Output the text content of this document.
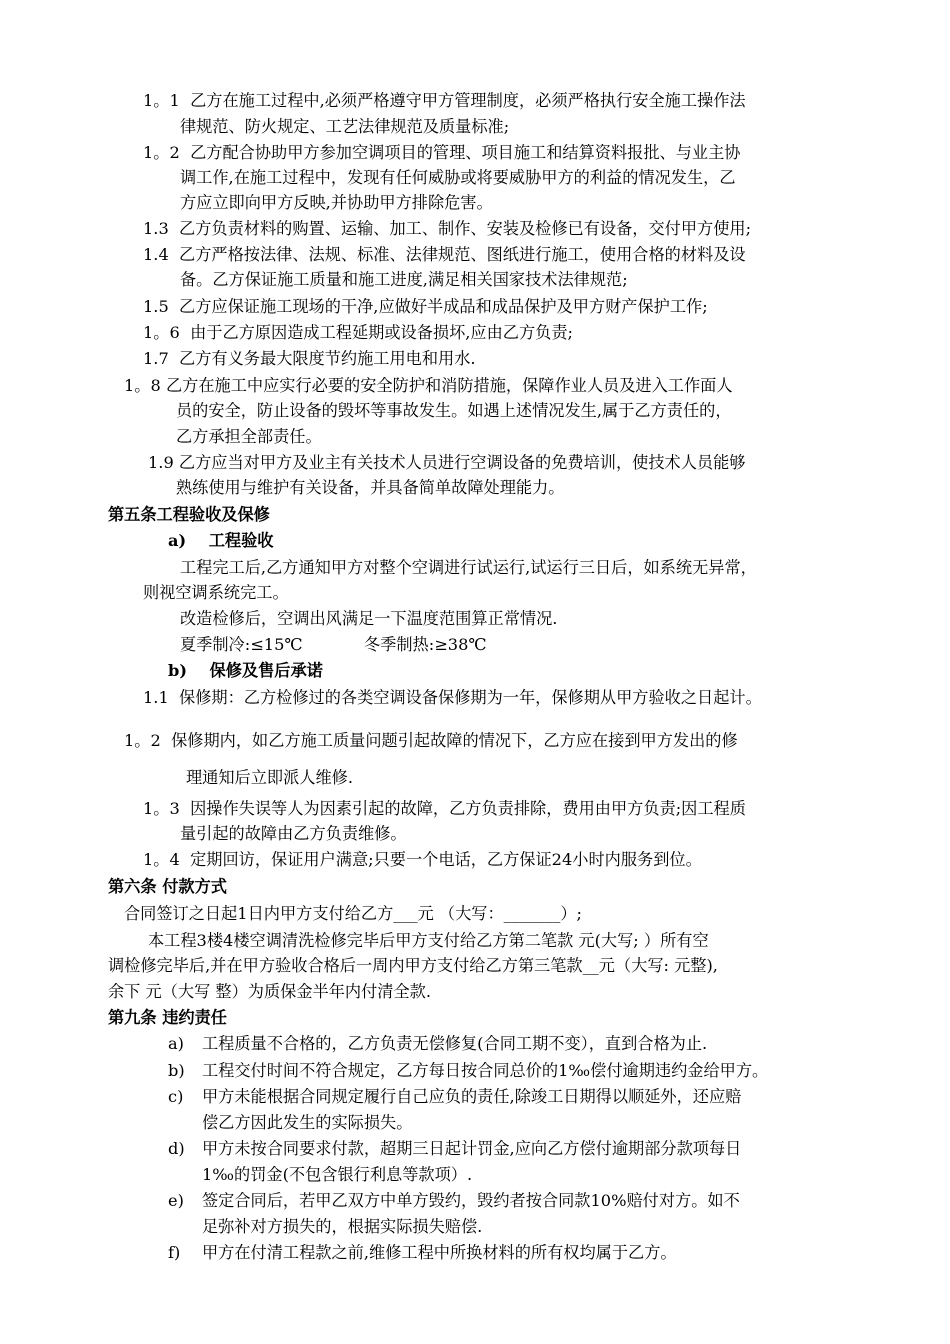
1。1 乙方在施工过程中,必须严格遵守甲方管理制度，必须严格执行安全施工操作法
律规范、防火规定、工艺法律规范及质量标准;
1。2 乙方配合协助甲方参加空调项目的管理、项目施工和结算资料报批、与业主协
调工作,在施工过程中，发现有任何威胁或将要威胁甲方的利益的情况发生，乙
方应立即向甲方反映,并协助甲方排除危害。
1.3 乙方负责材料的购置、运输、加工、制作、安装及检修已有设备，交付甲方使用;
1.4 乙方严格按法律、法规、标准、法律规范、图纸进行施工，使用合格的材料及设
备。乙方保证施工质量和施工进度,满足相关国家技术法律规范;
1.5 乙方应保证施工现场的干净,应做好半成品和成品保护及甲方财产保护工作;
1。6 由于乙方原因造成工程延期或设备损坏,应由乙方负责;
1.7 乙方有义务最大限度节约施工用电和用水.
1。8 乙方在施工中应实行必要的安全防护和消防措施，保障作业人员及进入工作面人
员的安全，防止设备的毁坏等事故发生。如遇上述情况发生,属于乙方责任的，
乙方承担全部责任。
1.9 乙方应当对甲方及业主有关技术人员进行空调设备的免费培训，使技术人员能够
熟练使用与维护有关设备，并具备简单故障处理能力。
第五条工程验收及保修
a) 工程验收
工程完工后,乙方通知甲方对整个空调进行试运行,试运行三日后，如系统无异常，
则视空调系统完工。
改造检修后，空调出风满足一下温度范围算正常情况.
夏季制冷:≤15℃	冬季制热:≥38℃
b) 保修及售后承诺
1.1 保修期：乙方检修过的各类空调设备保修期为一年，保修期从甲方验收之日起计。
1。2 保修期内，如乙方施工质量问题引起故障的情况下，乙方应在接到甲方发出的修
理通知后立即派人维修.
1。3 因操作失误等人为因素引起的故障，乙方负责排除，费用由甲方负责;因工程质
量引起的故障由乙方负责维修。
1。4 定期回访，保证用户满意;只要一个电话，乙方保证24小时内服务到位。
第六条 付款方式
合同签订之日起1日内甲方支付给乙方___元 （大写：_______）;
本工程3楼4楼空调清洗检修完毕后甲方支付给乙方第二笔款 元(大写; ）所有空
调检修完毕后,并在甲方验收合格后一周内甲方支付给乙方第三笔款__元（大写: 元整),
余下 元（大写 整）为质保金半年内付清全款.
第九条 违约责任
a) 工程质量不合格的，乙方负责无偿修复(合同工期不变），直到合格为止.
b) 工程交付时间不符合规定，乙方每日按合同总价的1‰偿付逾期违约金给甲方。
c) 甲方未能根据合同规定履行自己应负的责任,除竣工日期得以顺延外，还应赔
偿乙方因此发生的实际损失。
d) 甲方未按合同要求付款，超期三日起计罚金,应向乙方偿付逾期部分款项每日
1‰的罚金(不包含银行利息等款项）.
e) 签定合同后，若甲乙双方中单方毁约，毁约者按合同款10%赔付对方。如不
足弥补对方损失的，根据实际损失赔偿.
f) 甲方在付清工程款之前,维修工程中所换材料的所有权均属于乙方。
